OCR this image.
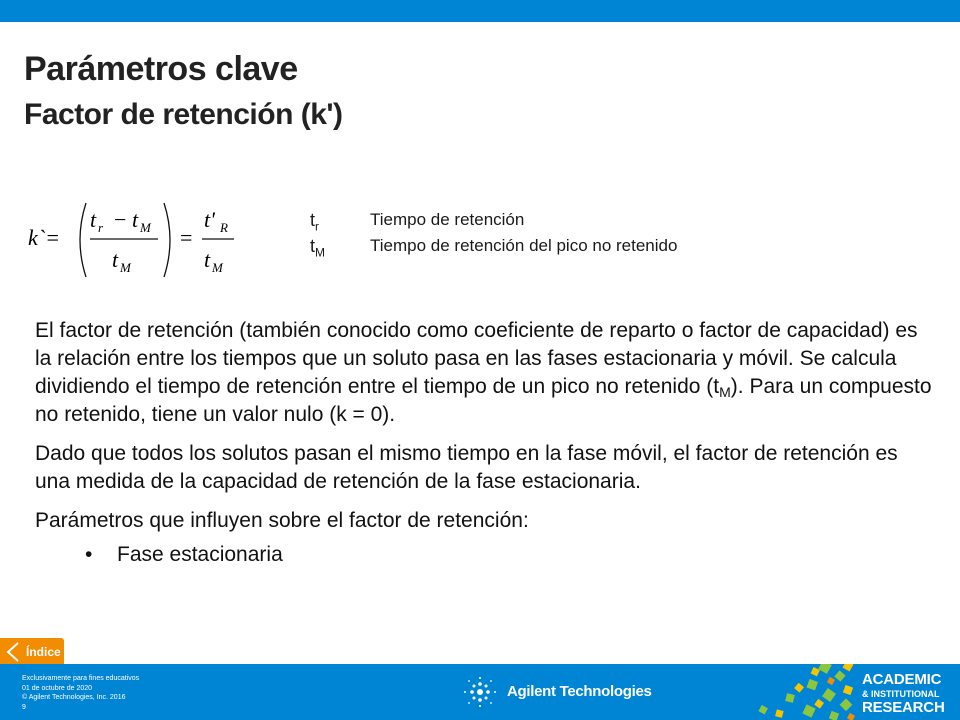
Parámetros clave
Factor de retención (k')
k`=
t r − t M
t M
=
t' R
t M
$t_r$	Tiempo de retención
$t_M$	Tiempo de retención del pico no retenido

El factor de retención (también conocido como coeficiente de reparto o factor de capacidad) es la relación entre los tiempos que un soluto pasa en las fases estacionaria y móvil. Se calcula dividiendo el tiempo de retención entre el tiempo de un pico no retenido $(t_M)$. Para un compuesto no retenido, tiene un valor nulo (k = 0).

Dado que todos los solutos pasan el mismo tiempo en la fase móvil, el factor de retención es una medida de la capacidad de retención de la fase estacionaria.

Parámetros que influyen sobre el factor de retención:

• Fase estacionaria
Índice
Exclusivamente para fines educativos
01 de octubre de 2020
© Agilent Technologies, Inc. 2016
9
Agilent Technologies
ACADEMIC
& INSTITUTIONAL
RESEARCH
